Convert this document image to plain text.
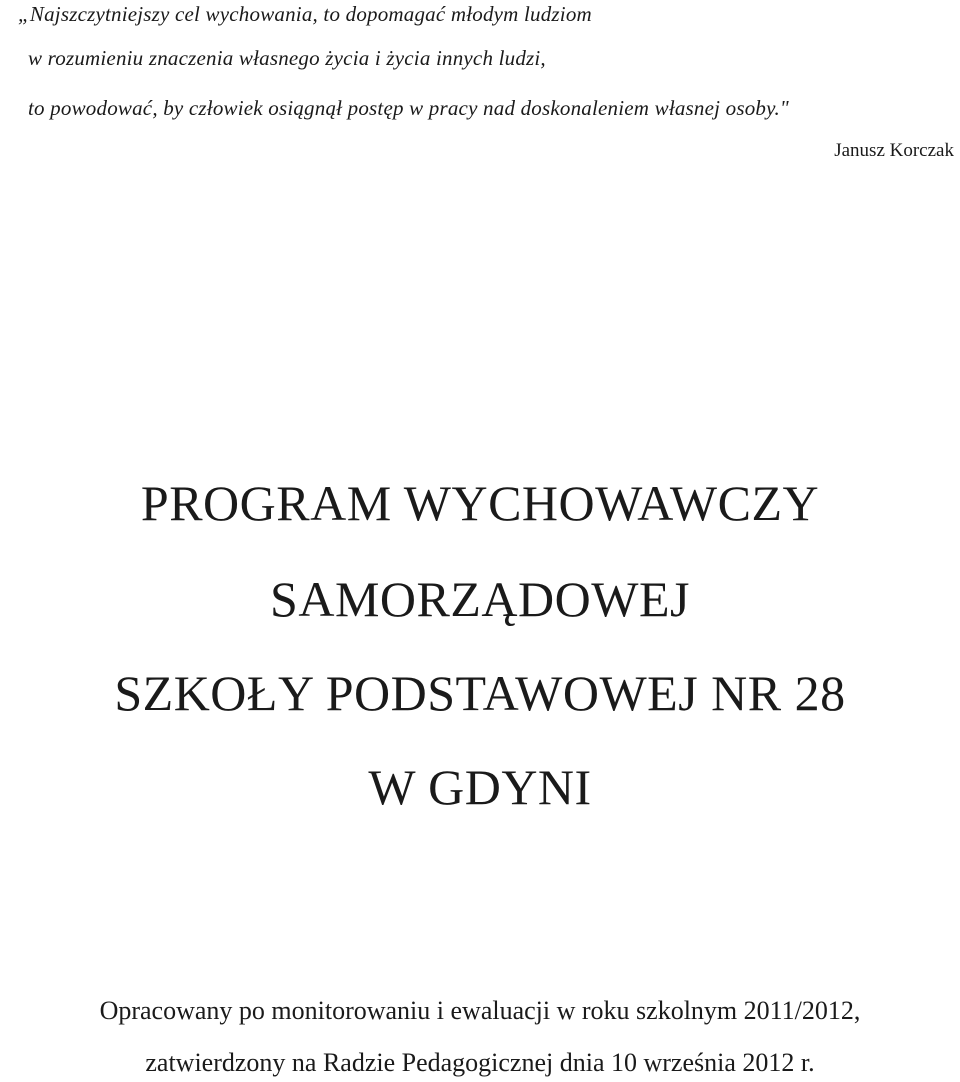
„Najszczytniejszy cel wychowania, to dopomagać młodym ludziom
w rozumieniu znaczenia własnego życia i życia innych ludzi,
to powodować, by człowiek osiągnął postęp w pracy nad doskonaleniem własnej osoby."
Janusz Korczak
PROGRAM WYCHOWAWCZY
SAMORZĄDOWEJ
SZKOŁY PODSTAWOWEJ NR 28
W GDYNI
Opracowany po monitorowaniu i ewaluacji w roku szkolnym 2011/2012,
zatwierdzony na Radzie Pedagogicznej dnia 10 września 2012 r.
